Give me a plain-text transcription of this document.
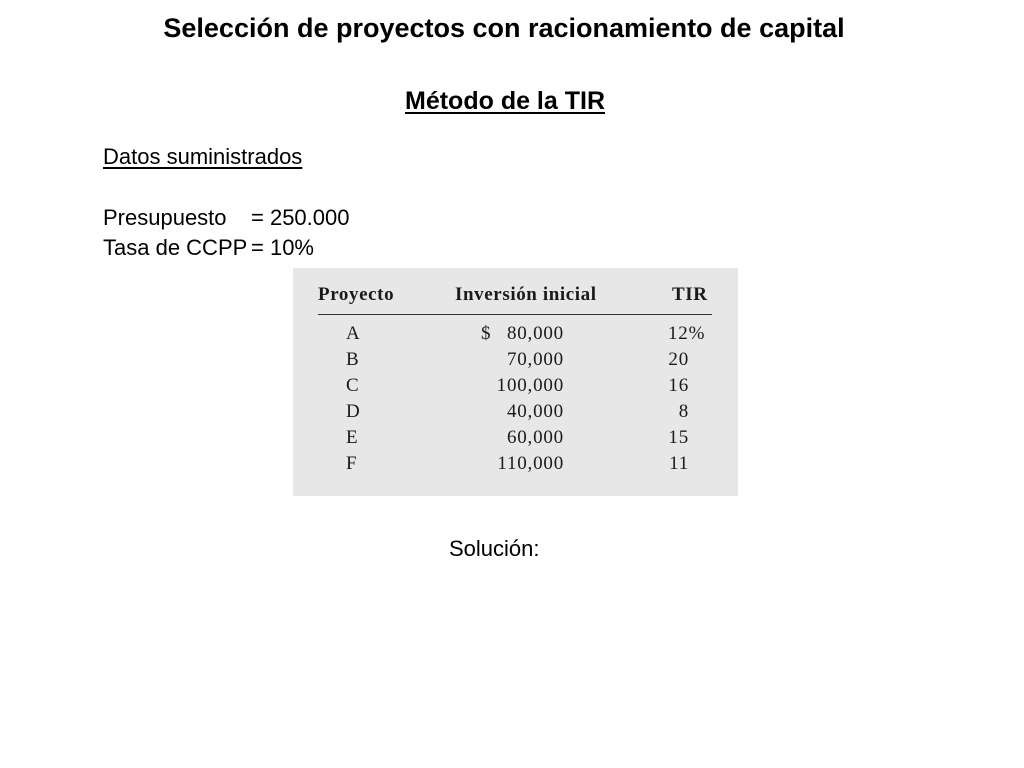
Selección de proyectos con racionamiento de capital
Método de la TIR
Datos suministrados
Presupuesto = 250.000
Tasa de CCPP = 10%
Proyecto	Inversión inicial	TIR
A	$ 80,000	12%
B	70,000	20
C	100,000	16
D	40,000	8
E	60,000	15
F	110,000	11
Solución:
